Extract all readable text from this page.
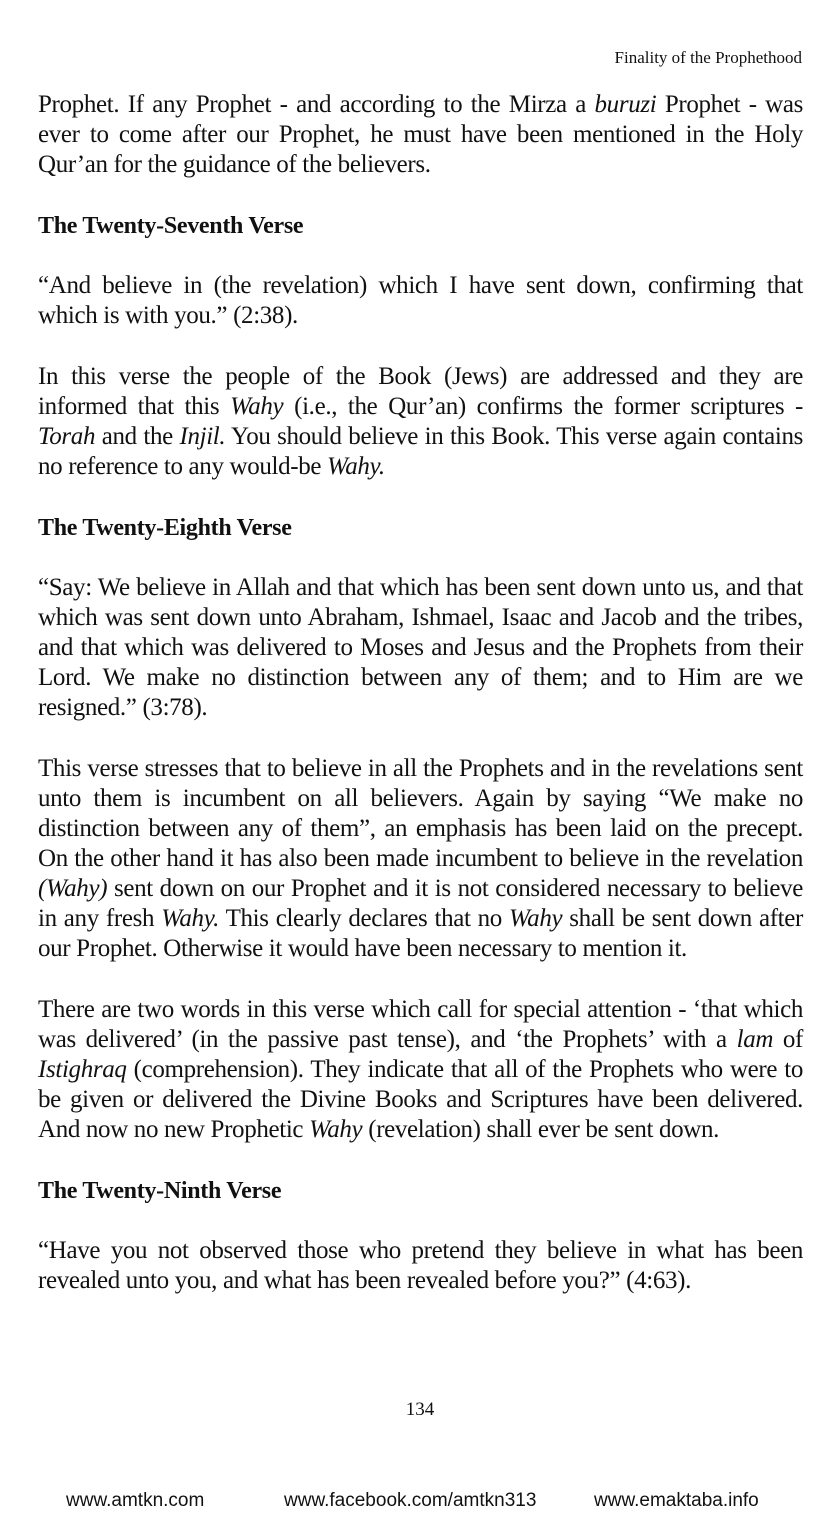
Finality of the Prophethood

Prophet. If any Prophet - and according to the Mirza a buruzi Prophet - was ever to come after our Prophet, he must have been mentioned in the Holy Qur’an for the guidance of the believers.

The Twenty-Seventh Verse

“And believe in (the revelation) which I have sent down, confirming that which is with you.” (2:38).

In this verse the people of the Book (Jews) are addressed and they are informed that this Wahy (i.e., the Qur’an) confirms the former scriptures - Torah and the Injil. You should believe in this Book. This verse again contains no reference to any would-be Wahy.

The Twenty-Eighth Verse

“Say: We believe in Allah and that which has been sent down unto us, and that which was sent down unto Abraham, Ishmael, Isaac and Jacob and the tribes, and that which was delivered to Moses and Jesus and the Prophets from their Lord. We make no distinction between any of them; and to Him are we resigned.” (3:78).

This verse stresses that to believe in all the Prophets and in the revelations sent unto them is incumbent on all believers. Again by saying “We make no distinction between any of them”, an emphasis has been laid on the precept. On the other hand it has also been made incumbent to believe in the revelation (Wahy) sent down on our Prophet and it is not considered necessary to believe in any fresh Wahy. This clearly declares that no Wahy shall be sent down after our Prophet. Otherwise it would have been necessary to mention it.

There are two words in this verse which call for special attention - ‘that which was delivered’ (in the passive past tense), and ‘the Prophets’ with a lam of Istighraq (comprehension). They indicate that all of the Prophets who were to be given or delivered the Divine Books and Scriptures have been delivered. And now no new Prophetic Wahy (revelation) shall ever be sent down.

The Twenty-Ninth Verse

“Have you not observed those who pretend they believe in what has been revealed unto you, and what has been revealed before you?” (4:63).

134
www.amtkn.com	www.facebook.com/amtkn313	www.emaktaba.info
